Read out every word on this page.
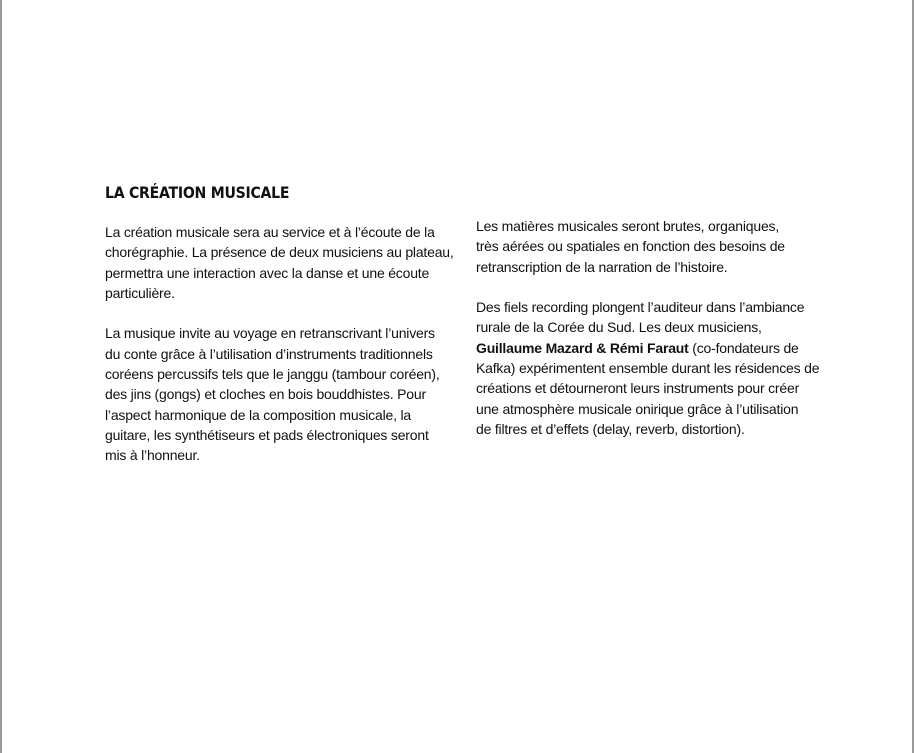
LA CRÉATION MUSICALE

La création musicale sera au service et à l’écoute de la
chorégraphie. La présence de deux musiciens au plateau,
permettra une interaction avec la danse et une écoute
particulière.

La musique invite au voyage en retranscrivant l’univers
du conte grâce à l’utilisation d’instruments traditionnels
coréens percussifs tels que le janggu (tambour coréen),
des jins (gongs) et cloches en bois bouddhistes. Pour
l’aspect harmonique de la composition musicale, la
guitare, les synthétiseurs et pads électroniques seront
mis à l’honneur.

Les matières musicales seront brutes, organiques,
très aérées ou spatiales en fonction des besoins de
retranscription de la narration de l’histoire.

Des fiels recording plongent l’auditeur dans l’ambiance
rurale de la Corée du Sud. Les deux musiciens,
Guillaume Mazard & Rémi Faraut (co-fondateurs de
Kafka) expérimentent ensemble durant les résidences de
créations et détourneront leurs instruments pour créer
une atmosphère musicale onirique grâce à l’utilisation
de filtres et d’effets (delay, reverb, distortion).
